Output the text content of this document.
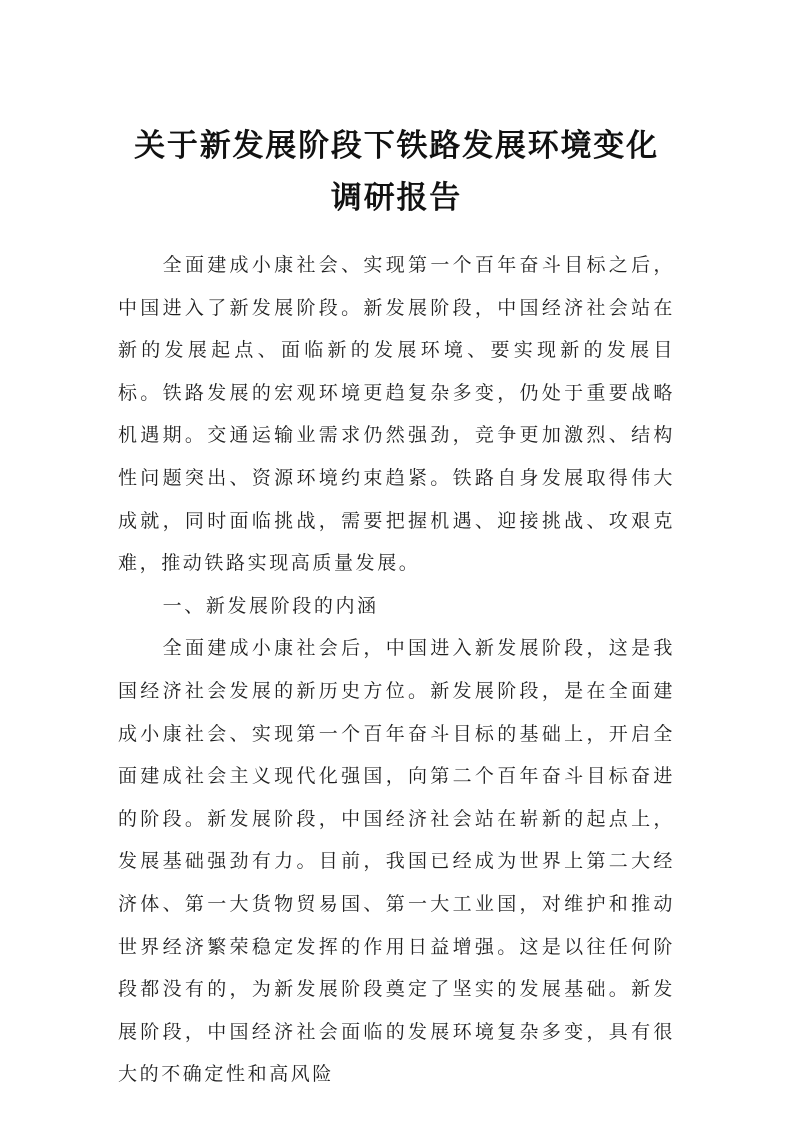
关于新发展阶段下铁路发展环境变化调研报告

全面建成小康社会、实现第一个百年奋斗目标之后，中国进入了新发展阶段。新发展阶段，中国经济社会站在新的发展起点、面临新的发展环境、要实现新的发展目标。铁路发展的宏观环境更趋复杂多变，仍处于重要战略机遇期。交通运输业需求仍然强劲，竞争更加激烈、结构性问题突出、资源环境约束趋紧。铁路自身发展取得伟大成就，同时面临挑战，需要把握机遇、迎接挑战、攻艰克难，推动铁路实现高质量发展。

一、新发展阶段的内涵

全面建成小康社会后，中国进入新发展阶段，这是我国经济社会发展的新历史方位。新发展阶段，是在全面建成小康社会、实现第一个百年奋斗目标的基础上，开启全面建成社会主义现代化强国，向第二个百年奋斗目标奋进的阶段。新发展阶段，中国经济社会站在崭新的起点上，发展基础强劲有力。目前，我国已经成为世界上第二大经济体、第一大货物贸易国、第一大工业国，对维护和推动世界经济繁荣稳定发挥的作用日益增强。这是以往任何阶段都没有的，为新发展阶段奠定了坚实的发展基础。新发展阶段，中国经济社会面临的发展环境复杂多变，具有很大的不确定性和高风险
